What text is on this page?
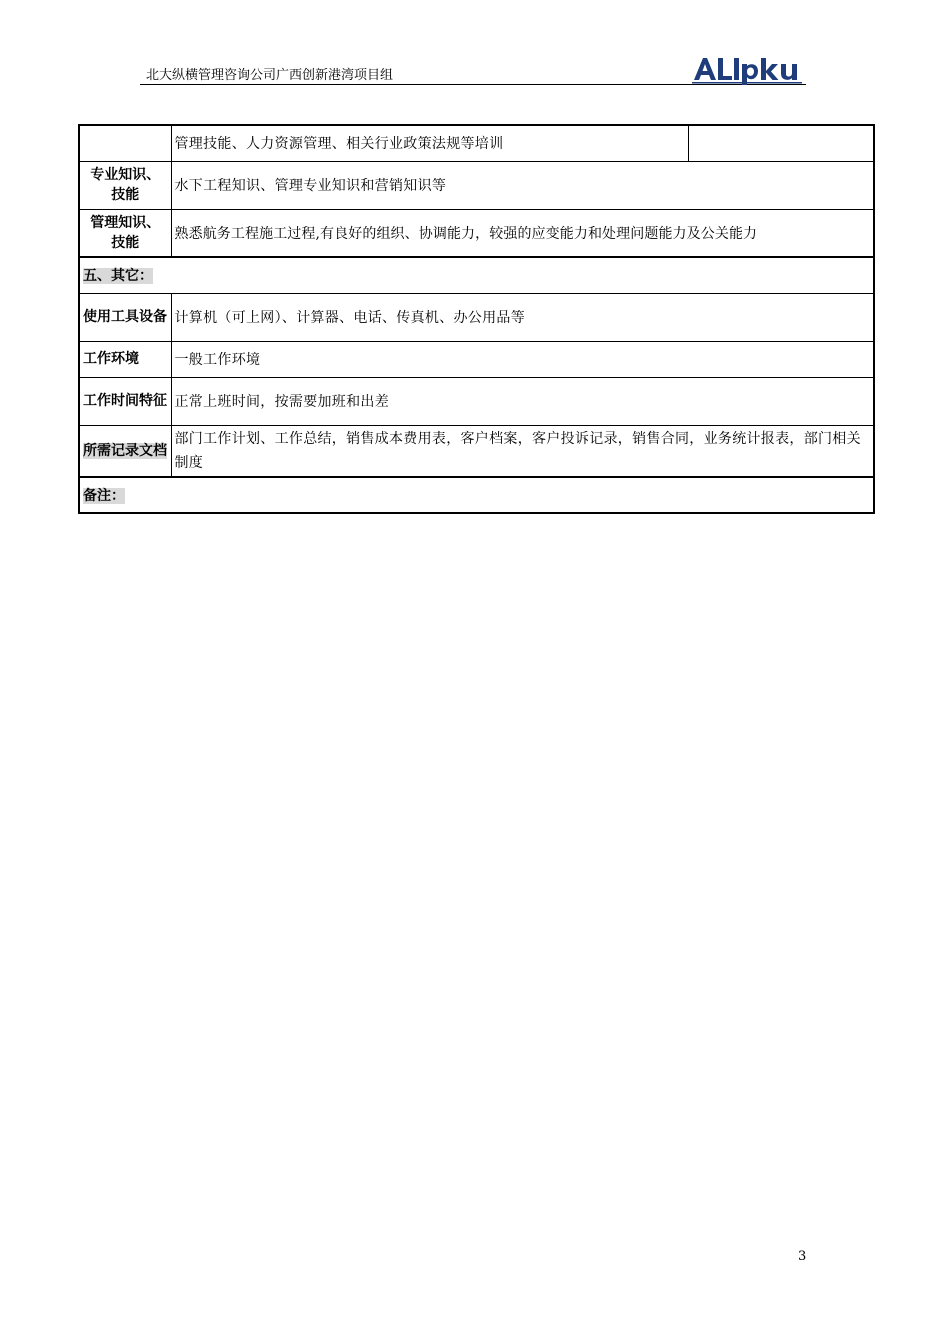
北大纵横管理咨询公司广西创新港湾项目组
	管理技能、人力资源管理、相关行业政策法规等培训	

专业知识、
技能	水下工程知识、管理专业知识和营销知识等	

管理知识、
技能	熟悉航务工程施工过程,有良好的组织、协调能力，较强的应变能力和处理问题能力及公关能力	
五、其它：		
使用工具设备	计算机（可上网）、计算器、电话、传真机、办公用品等	
工作环境	一般工作环境	
工作时间特征	正常上班时间，按需要加班和出差	
所需记录文档	部门工作计划、工作总结，销售成本费用表，客户档案，客户投诉记录，销售合同，业务统计报表，部门相关制度	
备注：		
3
